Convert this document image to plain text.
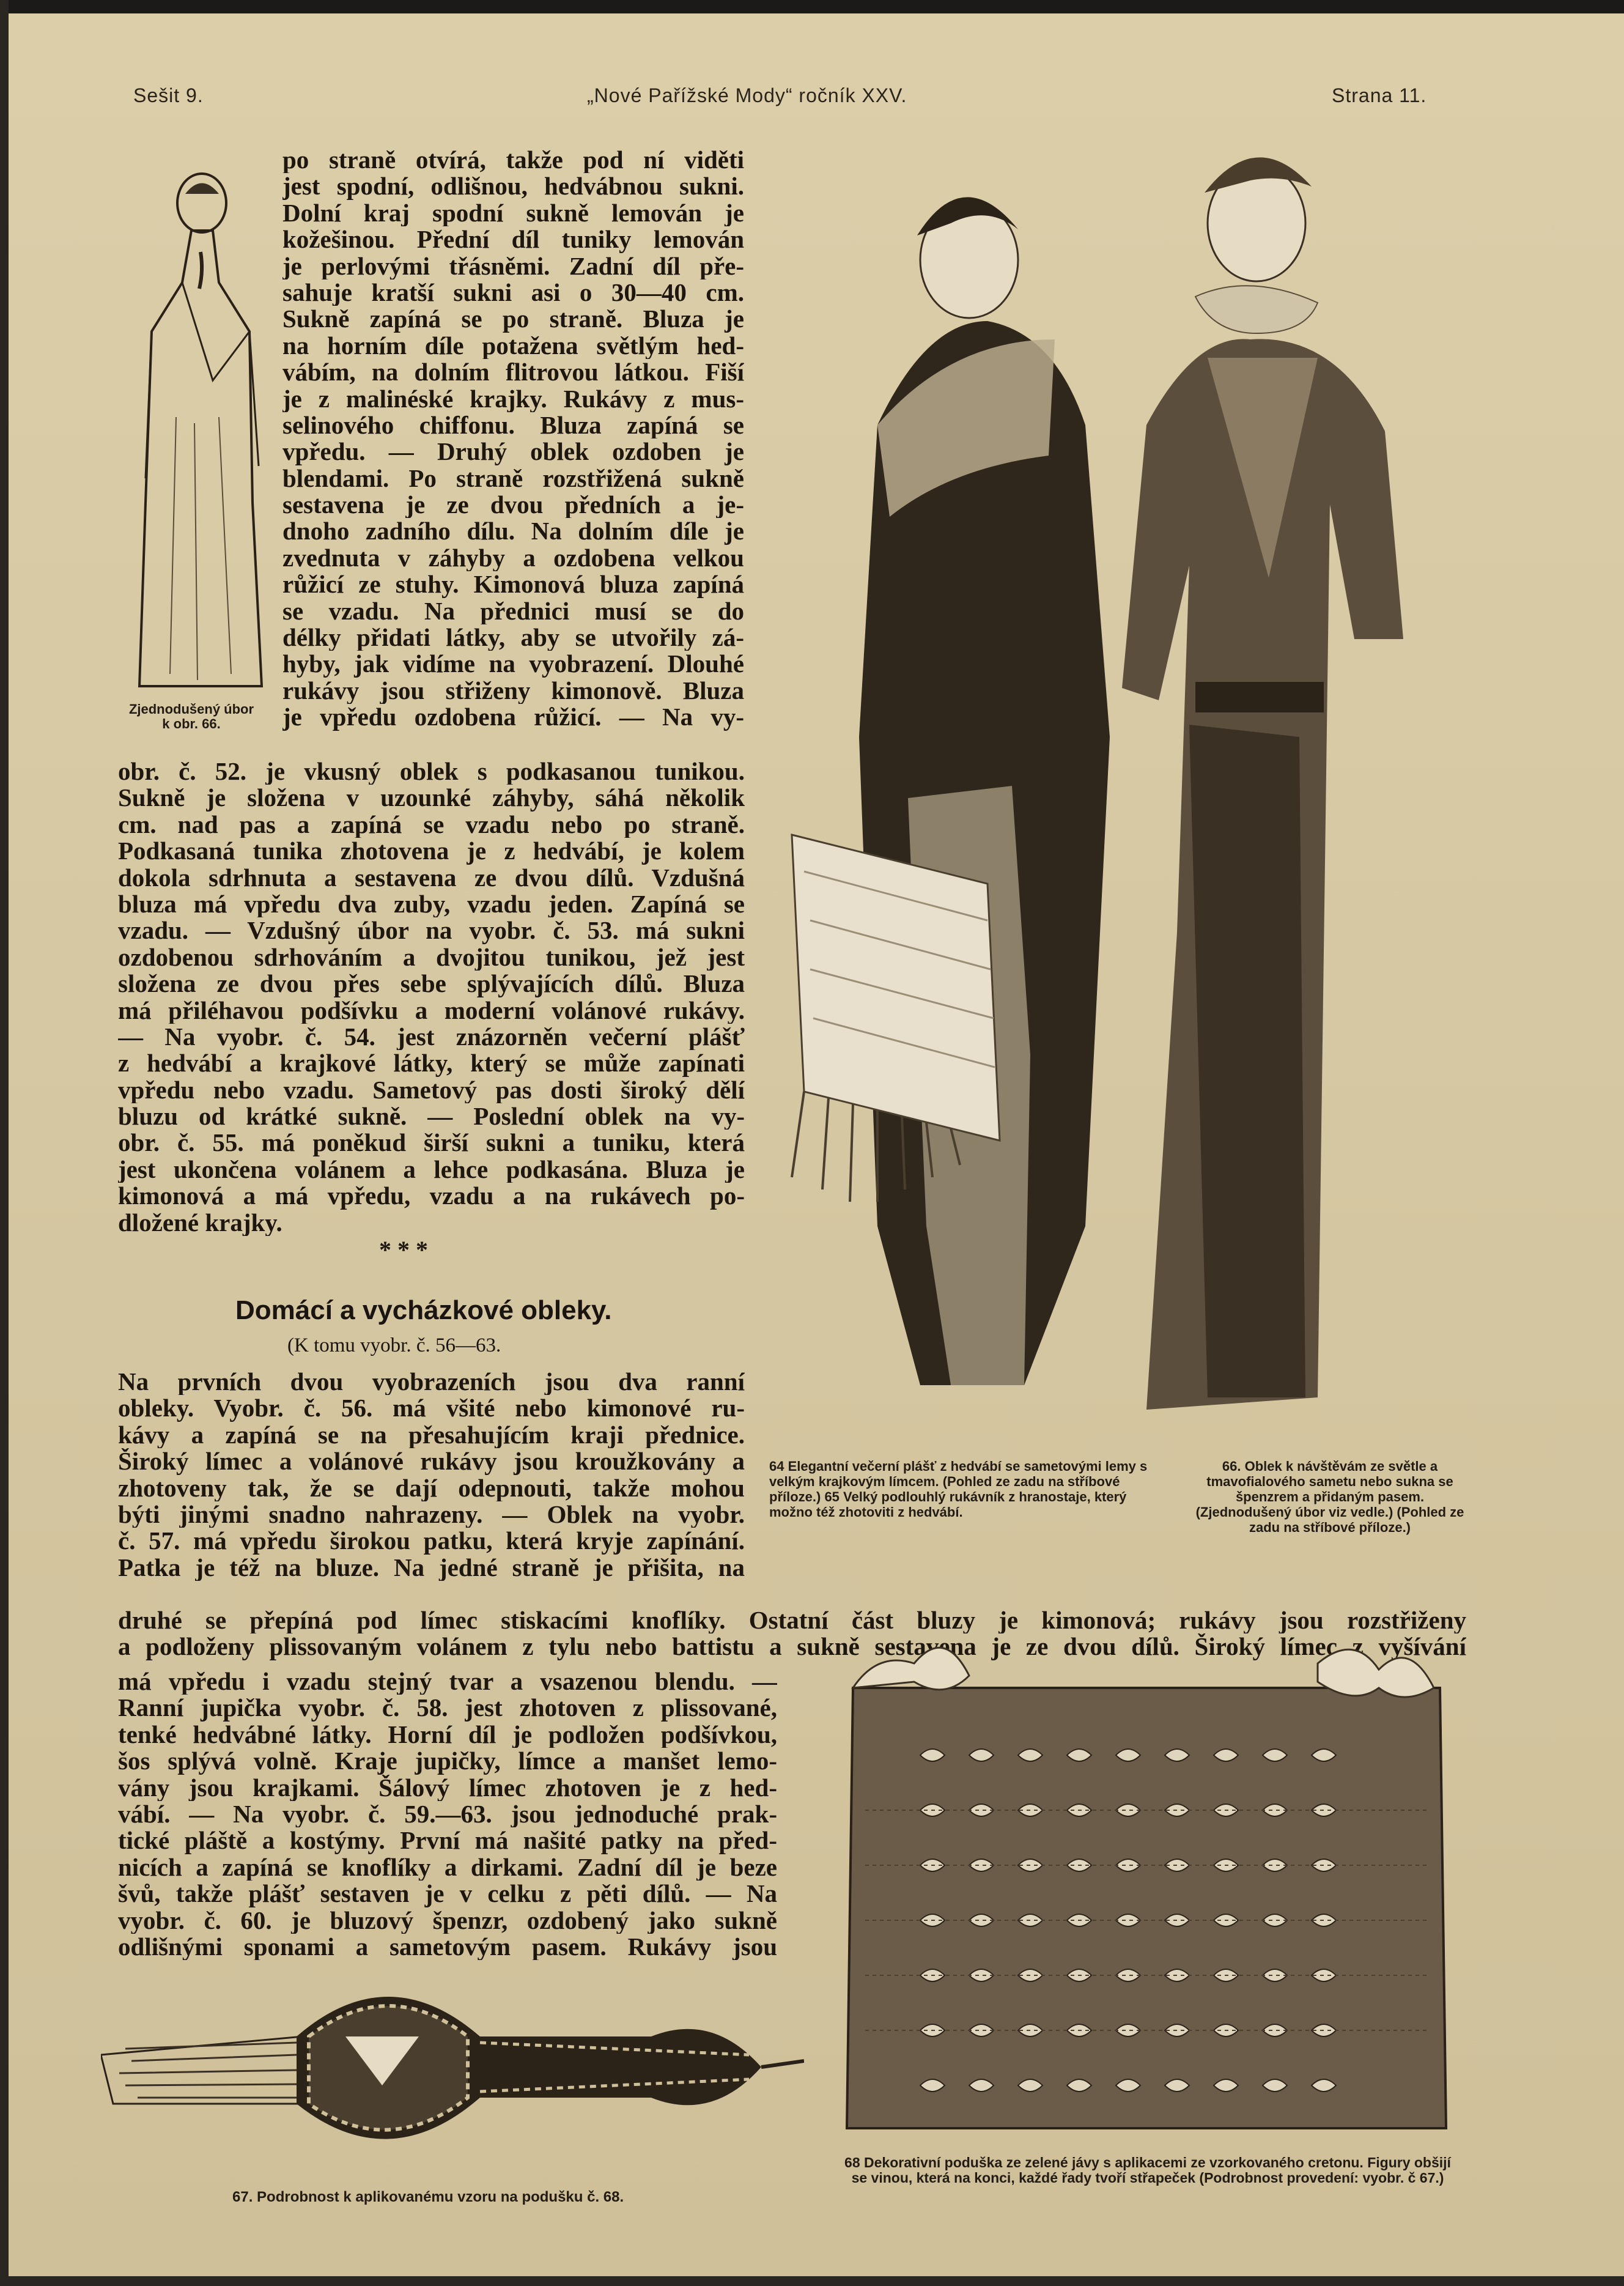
Sešit 9.	„Nové Pařížské Mody“ ročník XXV.	Strana 11.
Zjednodušený úbor k obr. 66.
po straně otvírá, takže pod ní viděti
jest spodní, odlišnou, hedvábnou sukni.
Dolní kraj spodní sukně lemován je
kožešinou. Přední díl tuniky lemován
je perlovými třásněmi. Zadní díl pře-
sahuje kratší sukni asi o 30—40 cm.
Sukně zapíná se po straně. Bluza je
na horním díle potažena světlým hed-
vábím, na dolním flitrovou látkou. Fiší
je z malinéské krajky. Rukávy z mus-
selinového chiffonu. Bluza zapíná se
vpředu. — Druhý oblek ozdoben je
blendami. Po straně rozstřižená sukně
sestavena je ze dvou předních a je-
dnoho zadního dílu. Na dolním díle je
zvednuta v záhyby a ozdobena velkou
růžicí ze stuhy. Kimonová bluza zapíná
se vzadu. Na přednici musí se do
délky přidati látky, aby se utvořily zá-
hyby, jak vidíme na vyobrazení. Dlouhé
rukávy jsou střiženy kimonově. Bluza
je vpředu ozdobena růžicí. — Na vy-
obr. č. 52. je vkusný oblek s podkasanou tunikou.
Sukně je složena v uzounké záhyby, sáhá několik
cm. nad pas a zapíná se vzadu nebo po straně.
Podkasaná tunika zhotovena je z hedvábí, je kolem
dokola sdrhnuta a sestavena ze dvou dílů. Vzdušná
bluza má vpředu dva zuby, vzadu jeden. Zapíná se
vzadu. — Vzdušný úbor na vyobr. č. 53. má sukni
ozdobenou sdrhováním a dvojitou tunikou, jež jest
složena ze dvou přes sebe splývajících dílů. Bluza
má přiléhavou podšívku a moderní volánové rukávy.
— Na vyobr. č. 54. jest znázorněn večerní plášť
z hedvábí a krajkové látky, který se může zapínati
vpředu nebo vzadu. Sametový pas dosti široký dělí
bluzu od krátké sukně. — Poslední oblek na vy-
obr. č. 55. má poněkud širší sukni a tuniku, která
jest ukončena volánem a lehce podkasána. Bluza je
kimonová a má vpředu, vzadu a na rukávech po-
dložené krajky.
* * *
Domácí a vycházkové obleky.
(K tomu vyobr. č. 56—63.
Na prvních dvou vyobrazeních jsou dva ranní
obleky. Vyobr. č. 56. má všité nebo kimonové ru-
kávy a zapíná se na přesahujícím kraji přednice.
Široký límec a volánové rukávy jsou kroužkovány a
zhotoveny tak, že se dají odepnouti, takže mohou
býti jinými snadno nahrazeny. — Oblek na vyobr.
č. 57. má vpředu širokou patku, která kryje zapínání.
Patka je též na bluze. Na jedné straně je přišita, na
druhé se přepíná pod límec stiskacími knoflíky. Ostatní část bluzy je kimonová; rukávy jsou rozstřiženy
a podloženy plissovaným volánem z tylu nebo battistu a sukně sestavena je ze dvou dílů. Široký límec z vyšívání
má vpředu i vzadu stejný tvar a vsazenou blendu. —
Ranní jupička vyobr. č. 58. jest zhotoven z plissované,
tenké hedvábné látky. Horní díl je podložen podšívkou,
šos splývá volně. Kraje jupičky, límce a manšet lemo-
vány jsou krajkami. Šálový límec zhotoven je z hed-
vábí. — Na vyobr. č. 59.—63. jsou jednoduché prak-
tické pláště a kostýmy. První má našité patky na před-
nicích a zapíná se knoflíky a dirkami. Zadní díl je beze
švů, takže plášť sestaven je v celku z pěti dílů. — Na
vyobr. č. 60. je bluzový špenzr, ozdobený jako sukně
odlišnými sponami a sametovým pasem. Rukávy jsou
64 Elegantní večerní plášť z hedvábí se sametovými lemy s velkým krajkovým límcem. (Pohled ze zadu na stříbové příloze.) 65 Velký podlouhlý rukávník z hranostaje, který možno též zhotoviti z hedvábí.
66. Oblek k návštěvám ze světle a tmavofialového sametu nebo sukna se špenzrem a přidaným pasem. (Zjednodušený úbor viz vedle.) (Pohled ze zadu na stříbové příloze.)
67. Podrobnost k aplikovanému vzoru na podušku č. 68.
68 Dekorativní poduška ze zelené jávy s aplikacemi ze vzorkovaného cretonu. Figury obšijí se vinou, která na konci, každé řady tvoří střapeček (Podrobnost provedení: vyobr. č 67.)
